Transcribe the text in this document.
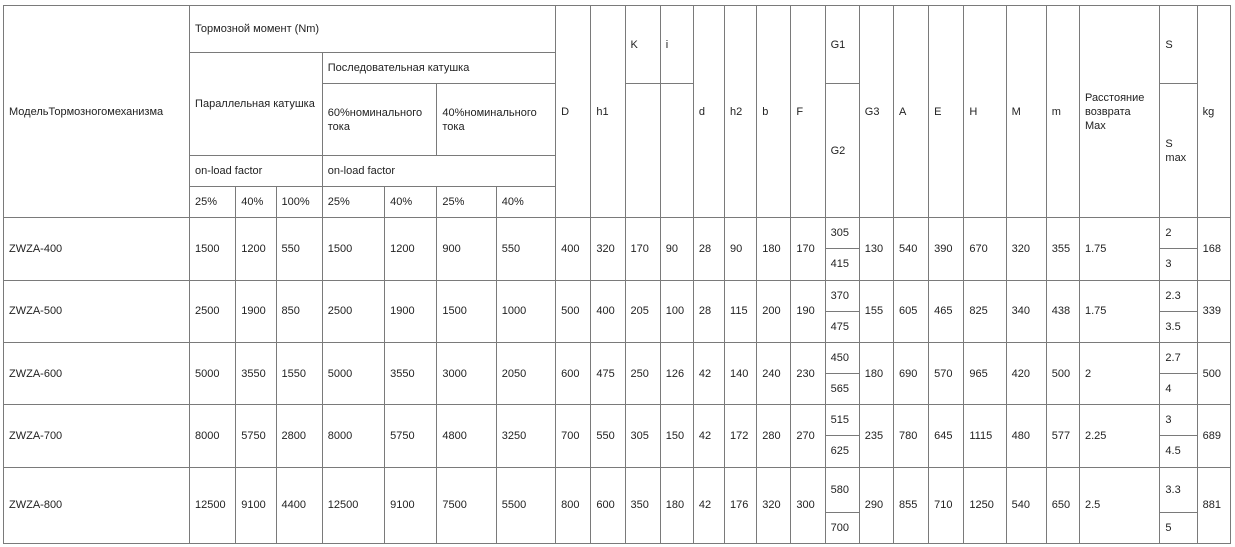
МодельТормозногомеханизма	Тормозной момент (Nm)							D	h1	K	i	d	h2	b	F	G1	G3	A	E	H	M	m	Расстояние возврата Max	S	kg
	Параллельная катушка			Последовательная катушка																					
				60%номинального тока		40%номинального тока										G2								S max	
	on-load factor			on-load factor																					
	25%	40%	100%	25%	40%	25%	40%																		
ZWZA-400	1500	1200	550	1500	1200	900	550	400	320	170	90	28	90	180	170	305	130	540	390	670	320	355	1.75	2	168
																415								3	
ZWZA-500	2500	1900	850	2500	1900	1500	1000	500	400	205	100	28	115	200	190	370	155	605	465	825	340	438	1.75	2.3	339
																475								3.5	
ZWZA-600	5000	3550	1550	5000	3550	3000	2050	600	475	250	126	42	140	240	230	450	180	690	570	965	420	500	2	2.7	500
																565								4	
ZWZA-700	8000	5750	2800	8000	5750	4800	3250	700	550	305	150	42	172	280	270	515	235	780	645	1115	480	577	2.25	3	689
																625								4.5	
ZWZA-800	12500	9100	4400	12500	9100	7500	5500	800	600	350	180	42	176	320	300	580	290	855	710	1250	540	650	2.5	3.3	881
																700								5	
